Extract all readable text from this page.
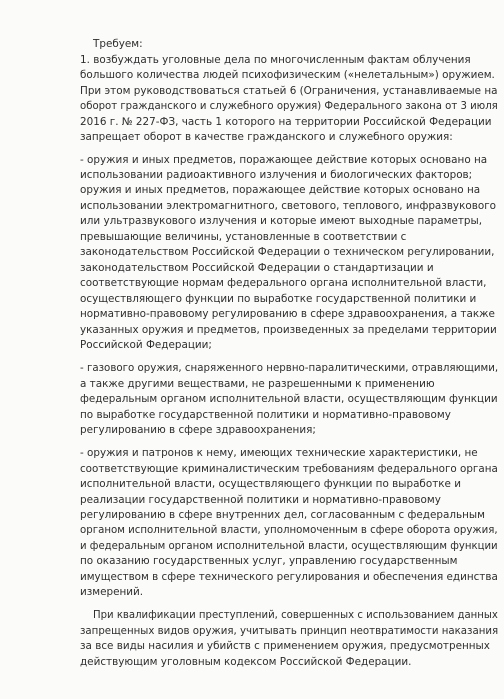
Требуем:
1. возбуждать уголовные дела по многочисленным фактам облучения
большого количества людей психофизическим («нелетальным») оружием.
При этом руководствоваться статьей 6 (Ограничения, устанавливаемые на
оборот гражданского и служебного оружия) Федерального закона от 3 июля
2016 г. № 227-ФЗ, часть 1 которого на территории Российской Федерации
запрещает оборот в качестве гражданского и служебного оружия:
- оружия и иных предметов, поражающее действие которых основано на
использовании радиоактивного излучения и биологических факторов;
оружия и иных предметов, поражающее действие которых основано на
использовании электромагнитного, светового, теплового, инфразвукового
или ультразвукового излучения и которые имеют выходные параметры,
превышающие величины, установленные в соответствии с
законодательством Российской Федерации о техническом регулировании,
законодательством Российской Федерации о стандартизации и
соответствующие нормам федерального органа исполнительной власти,
осуществляющего функции по выработке государственной политики и
нормативно-правовому регулированию в сфере здравоохранения, а также
указанных оружия и предметов, произведенных за пределами территории
Российской Федерации;
- газового оружия, снаряженного нервно-паралитическими, отравляющими,
а также другими веществами, не разрешенными к применению
федеральным органом исполнительной власти, осуществляющим функции
по выработке государственной политики и нормативно-правовому
регулированию в сфере здравоохранения;
- оружия и патронов к нему, имеющих технические характеристики, не
соответствующие криминалистическим требованиям федерального органа
исполнительной власти, осуществляющего функции по выработке и
реализации государственной политики и нормативно-правовому
регулированию в сфере внутренних дел, согласованным с федеральным
органом исполнительной власти, уполномоченным в сфере оборота оружия,
и федеральным органом исполнительной власти, осуществляющим функции
по оказанию государственных услуг, управлению государственным
имуществом в сфере технического регулирования и обеспечения единства
измерений.
При квалификации преступлений, совершенных с использованием данных
запрещенных видов оружия, учитывать принцип неотвратимости наказания
за все виды насилия и убийств с применением оружия, предусмотренных
действующим уголовным кодексом Российской Федерации.
